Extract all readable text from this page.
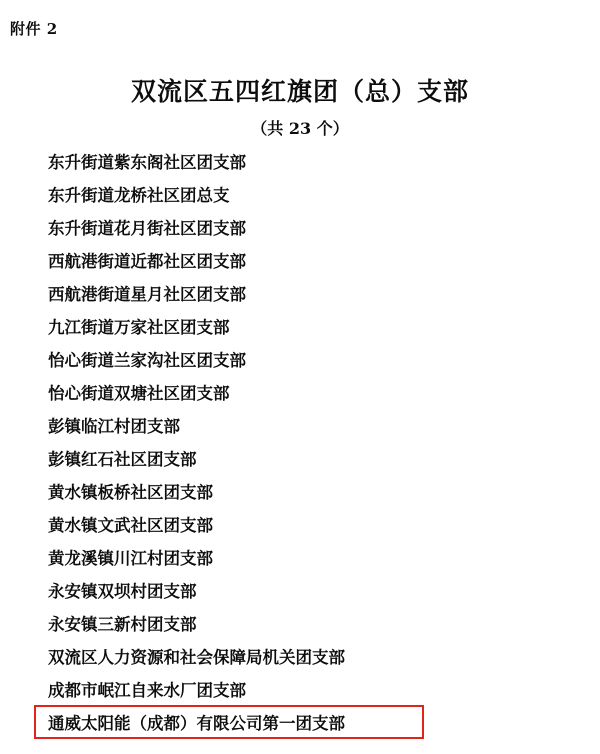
附件 2
双流区五四红旗团（总）支部
（共 23 个）
东升街道紫东阁社区团支部
东升街道龙桥社区团总支
东升街道花月街社区团支部
西航港街道近都社区团支部
西航港街道星月社区团支部
九江街道万家社区团支部
怡心街道兰家沟社区团支部
怡心街道双塘社区团支部
彭镇临江村团支部
彭镇红石社区团支部
黄水镇板桥社区团支部
黄水镇文武社区团支部
黄龙溪镇川江村团支部
永安镇双坝村团支部
永安镇三新村团支部
双流区人力资源和社会保障局机关团支部
成都市岷江自来水厂团支部
通威太阳能（成都）有限公司第一团支部
